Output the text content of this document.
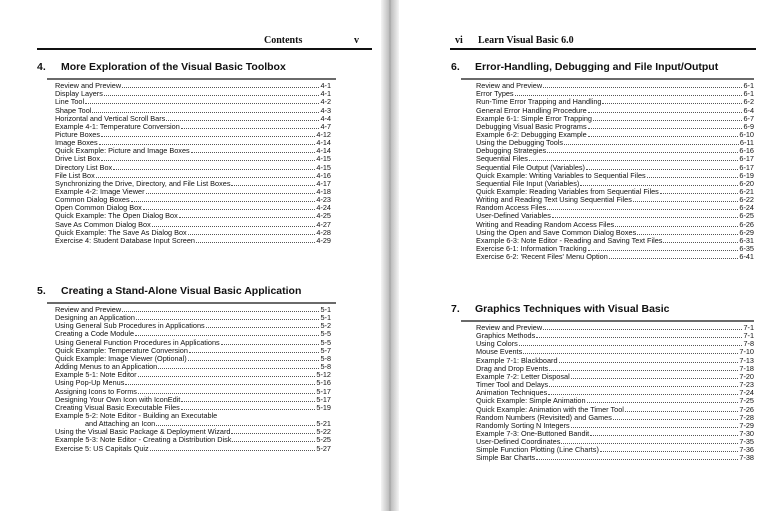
Contents	v
4. More Exploration of the Visual Basic Toolbox
Review and Preview	4-1
Display Layers	4-1
Line Tool	4-2
Shape Tool	4-3
Horizontal and Vertical Scroll Bars	4-4
Example 4-1: Temperature Conversion	4-7
Picture Boxes	4-12
Image Boxes	4-14
Quick Example: Picture and Image Boxes	4-14
Drive List Box	4-15
Directory List Box	4-15
File List Box	4-16
Synchronizing the Drive, Directory, and File List Boxes	4-17
Example 4-2: Image Viewer	4-18
Common Dialog Boxes	4-23
Open Common Dialog Box	4-24
Quick Example: The Open Dialog Box	4-25
Save As Common Dialog Box	4-27
Quick Example: The Save As Dialog Box	4-28
Exercise 4: Student Database Input Screen	4-29
5. Creating a Stand-Alone Visual Basic Application
Review and Preview	5-1
Designing an Application	5-1
Using General Sub Procedures in Applications	5-2
Creating a Code Module	5-5
Using General Function Procedures in Applications	5-5
Quick Example: Temperature Conversion	5-7
Quick Example: Image Viewer (Optional)	5-8
Adding Menus to an Application	5-8
Example 5-1: Note Editor	5-12
Using Pop-Up Menus	5-16
Assigning Icons to Forms	5-17
Designing Your Own Icon with IconEdit	5-17
Creating Visual Basic Executable Files	5-19
Example 5-2: Note Editor - Building an Executable
and Attaching an Icon	5-21
Using the Visual Basic Package & Deployment Wizard	5-22
Example 5-3: Note Editor - Creating a Distribution Disk	5-25
Exercise 5: US Capitals Quiz	5-27
vi Learn Visual Basic 6.0
6. Error-Handling, Debugging and File Input/Output
Review and Preview	6-1
Error Types	6-1
Run-Time Error Trapping and Handling	6-2
General Error Handling Procedure	6-4
Example 6-1: Simple Error Trapping	6-7
Debugging Visual Basic Programs	6-9
Example 6-2: Debugging Example	6-10
Using the Debugging Tools	6-11
Debugging Strategies	6-16
Sequential Files	6-17
Sequential File Output (Variables)	6-17
Quick Example: Writing Variables to Sequential Files	6-19
Sequential File Input (Variables)	6-20
Quick Example: Reading Variables from Sequential Files	6-21
Writing and Reading Text Using Sequential Files	6-22
Random Access Files	6-24
User-Defined Variables	6-25
Writing and Reading Random Access Files	6-26
Using the Open and Save Common Dialog Boxes	6-29
Example 6-3: Note Editor - Reading and Saving Text Files	6-31
Exercise 6-1: Information Tracking	6-35
Exercise 6-2: 'Recent Files' Menu Option	6-41
7. Graphics Techniques with Visual Basic
Review and Preview	7-1
Graphics Methods	7-1
Using Colors	7-8
Mouse Events	7-10
Example 7-1: Blackboard	7-13
Drag and Drop Events	7-18
Example 7-2: Letter Disposal	7-20
Timer Tool and Delays	7-23
Animation Techniques	7-24
Quick Example: Simple Animation	7-25
Quick Example: Animation with the Timer Tool	7-26
Random Numbers (Revisited) and Games	7-28
Randomly Sorting N Integers	7-29
Example 7-3: One-Buttoned Bandit	7-30
User-Defined Coordinates	7-35
Simple Function Plotting (Line Charts)	7-36
Simple Bar Charts	7-38
